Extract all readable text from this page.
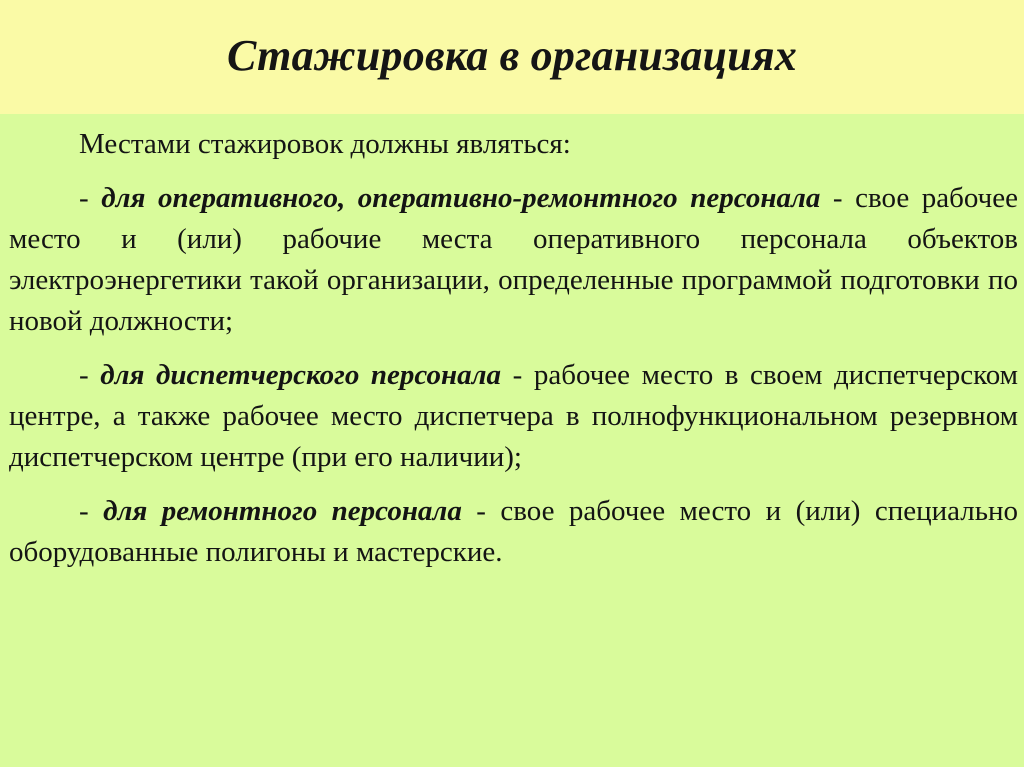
Стажировка в организациях

Местами стажировок должны являться:

- для оперативного, оперативно-ремонтного персонала - свое рабочее место и (или) рабочие места оперативного персонала объектов электроэнергетики такой организации, определенные программой подготовки по новой должности;

- для диспетчерского персонала - рабочее место в своем диспетчерском центре, а также рабочее место диспетчера в полнофункциональном резервном диспетчерском центре (при его наличии);

- для ремонтного персонала - свое рабочее место и (или) специально оборудованные полигоны и мастерские.
